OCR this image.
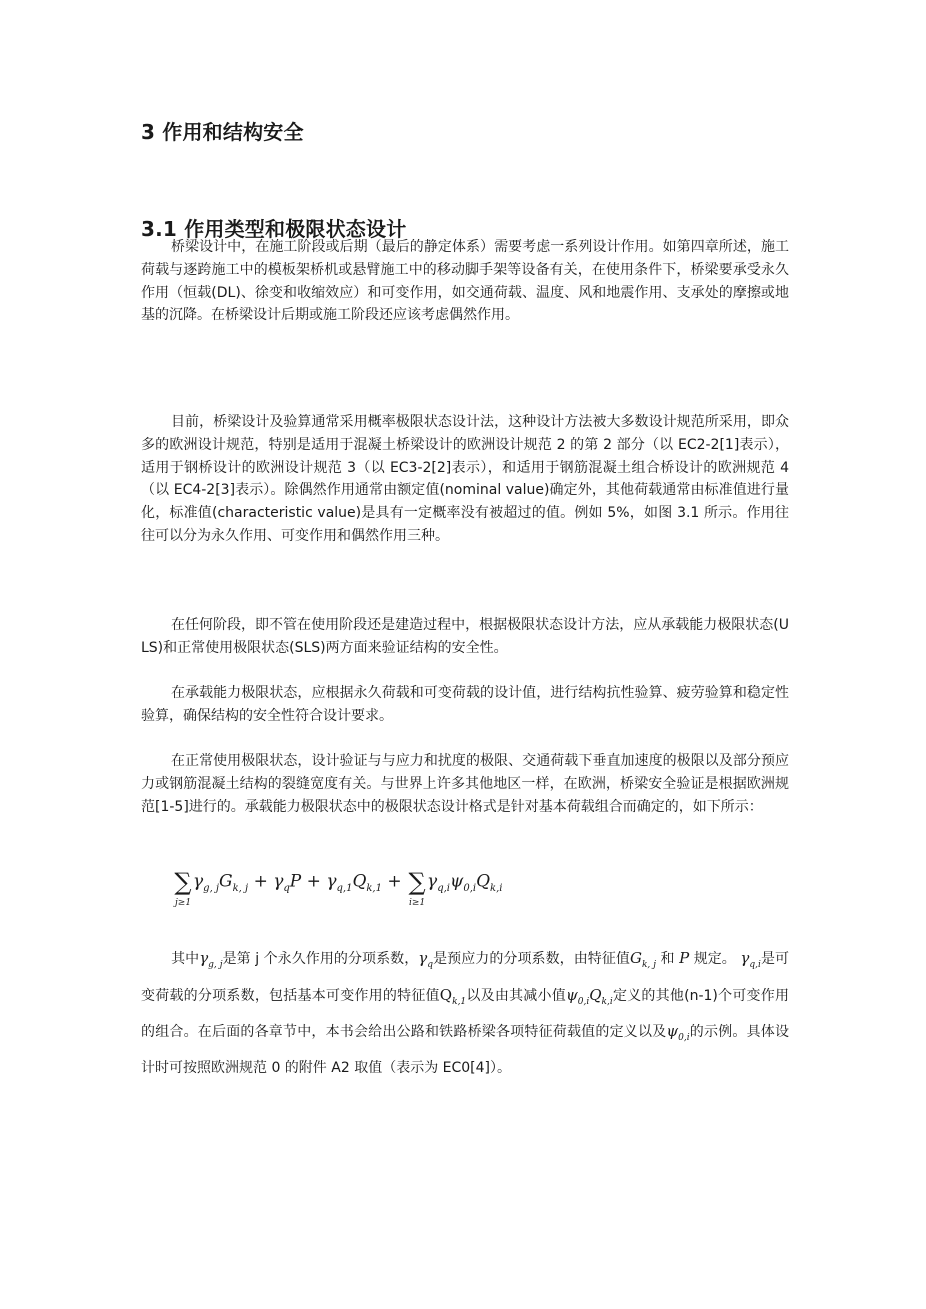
3 作用和结构安全
3.1 作用类型和极限状态设计

桥梁设计中，在施工阶段或后期（最后的静定体系）需要考虑一系列设计作用。如第四章所述，施工荷载与逐跨施工中的模板架桥机或悬臂施工中的移动脚手架等设备有关，在使用条件下，桥梁要承受永久作用（恒载(DL)、徐变和收缩效应）和可变作用，如交通荷载、温度、风和地震作用、支承处的摩擦或地基的沉降。在桥梁设计后期或施工阶段还应该考虑偶然作用。

目前，桥梁设计及验算通常采用概率极限状态设计法，这种设计方法被大多数设计规范所采用，即众多的欧洲设计规范，特别是适用于混凝土桥梁设计的欧洲设计规范 2 的第 2 部分（以 EC2-2[1]表示），适用于钢桥设计的欧洲设计规范 3（以 EC3-2[2]表示），和适用于钢筋混凝土组合桥设计的欧洲规范 4（以 EC4-2[3]表示）。除偶然作用通常由额定值(nominal value)确定外，其他荷载通常由标准值进行量化，标准值(characteristic value)是具有一定概率没有被超过的值。例如 5%，如图 3.1 所示。作用往往可以分为永久作用、可变作用和偶然作用三种。

在任何阶段，即不管在使用阶段还是建造过程中，根据极限状态设计方法，应从承载能力极限状态(ULS)和正常使用极限状态(SLS)两方面来验证结构的安全性。

在承载能力极限状态，应根据永久荷载和可变荷载的设计值，进行结构抗性验算、疲劳验算和稳定性验算，确保结构的安全性符合设计要求。

在正常使用极限状态，设计验证与与应力和扰度的极限、交通荷载下垂直加速度的极限以及部分预应力或钢筋混凝土结构的裂缝宽度有关。与世界上许多其他地区一样，在欧洲，桥梁安全验证是根据欧洲规范[1-5]进行的。承载能力极限状态中的极限状态设计格式是针对基本荷载组合而确定的，如下所示：

∑
j≥1
$\gamma_{g, j}G_{k, j} + \gamma_qP + \gamma_{q,1}Q_{k,1}$ + ∑
i≥1
$\gamma_{q,i}\psi_{0,i}Q_{k,i}$

其中$\gamma_{g, j}$是第 j 个永久作用的分项系数，$\gamma_q$是预应力的分项系数，由特征值$G_{k, j}$ 和 P 规定。 $\gamma_{q,i}$是可变荷载的分项系数，包括基本可变作用的特征值$Q_{k,1}$以及由其减小值$\psi_{0,i}Q_{k,i}$定义的其他(n-1)个可变作用的组合。在后面的各章节中，本书会给出公路和铁路桥梁各项特征荷载值的定义以及$\psi_{0,i}$的示例。具体设计时可按照欧洲规范 0 的附件 A2 取值（表示为 EC0[4]）。
